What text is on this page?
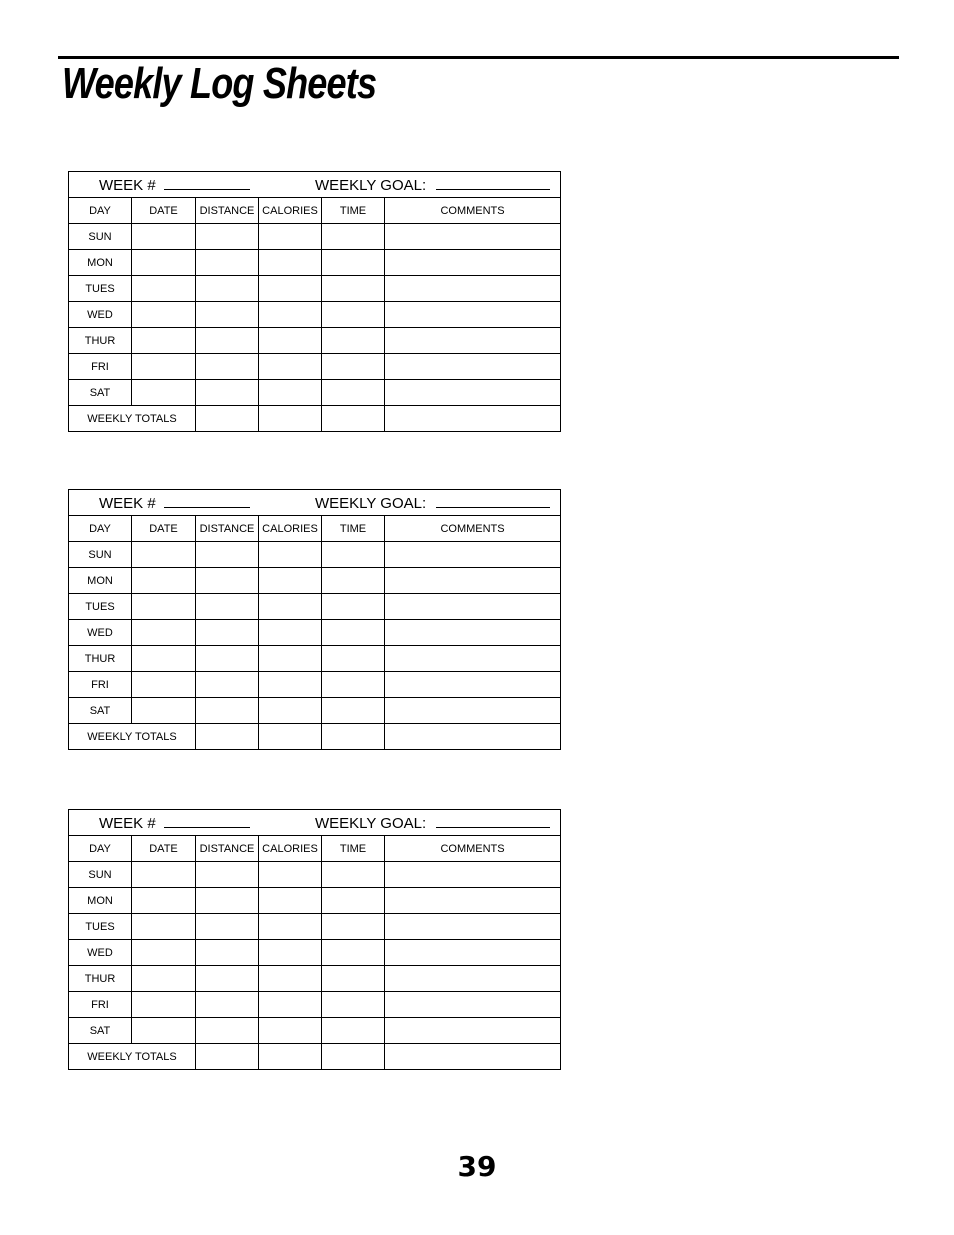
Weekly Log Sheets
WEEK # WEEKLY GOAL:					

DAY	DATE	DISTANCE	CALORIES	TIME	COMMENTS
SUN					
MON					
TUES					
WED					
THUR					
FRI					
SAT					
WEEKLY TOTALS					
WEEK # WEEKLY GOAL:					

DAY	DATE	DISTANCE	CALORIES	TIME	COMMENTS
SUN					
MON					
TUES					
WED					
THUR					
FRI					
SAT					
WEEKLY TOTALS					
WEEK # WEEKLY GOAL:					

DAY	DATE	DISTANCE	CALORIES	TIME	COMMENTS
SUN					
MON					
TUES					
WED					
THUR					
FRI					
SAT					
WEEKLY TOTALS					
39
